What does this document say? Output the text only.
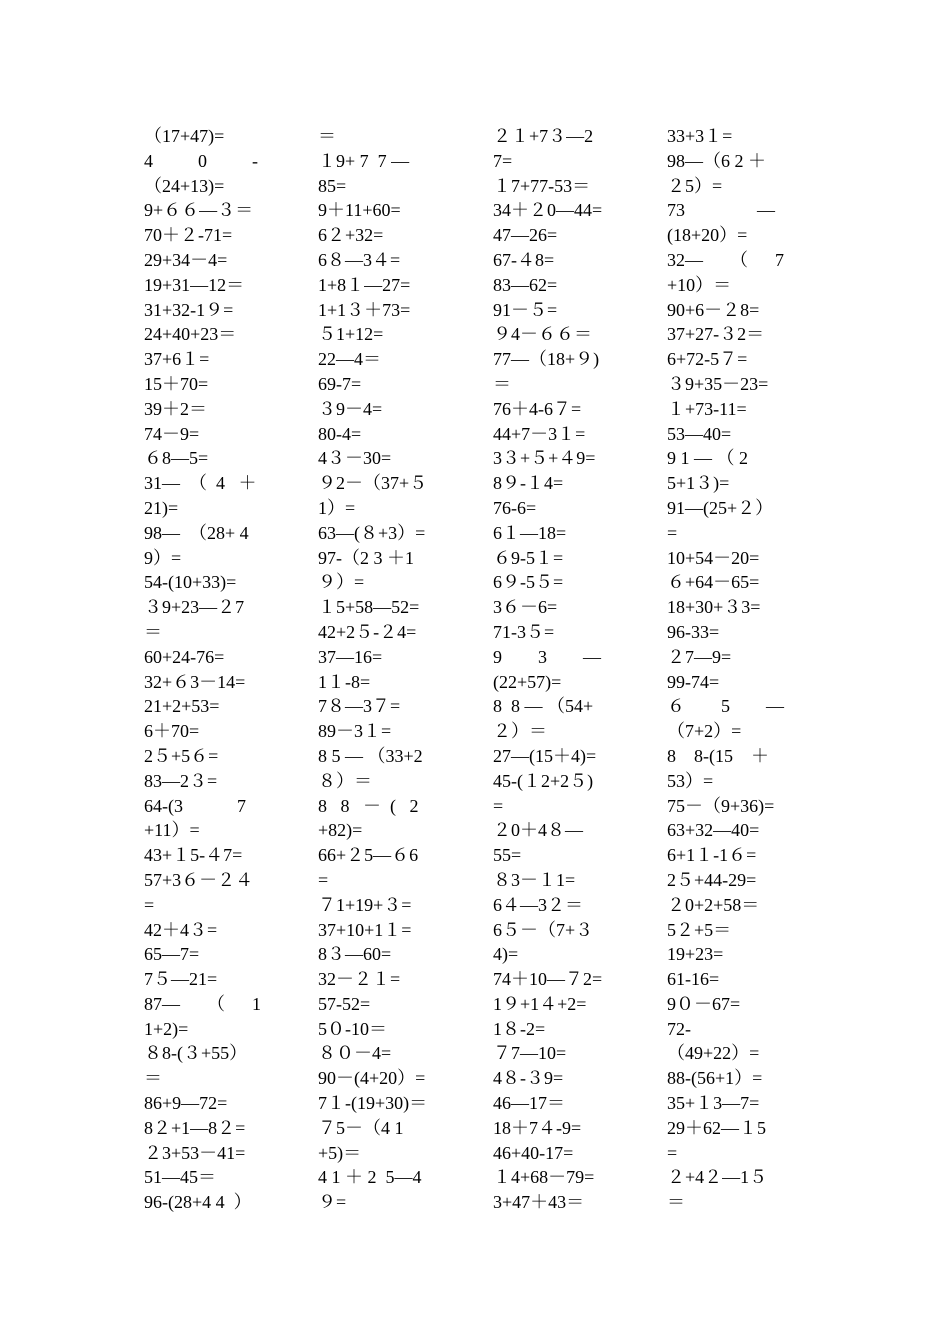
（17+47)=
4          0          -
（24+13)=
9+６６—３＝
70＋２-71=
29+34－4=
19+31—12＝
31+32-1９=
24+40+23＝
37+6１=
15＋70=
39＋2＝
74－9=
６8—5=
31—  （  4   ＋
21)=
98—  （28+ 4
9）=
54-(10+33)=
３9+23—２7
＝
60+24-76=
32+６3－14=
21+2+53=
6＋70=
2５+5６=
83—2３=
64-(3            7
+11）=
43+１5-４7=
57+3６－２４
=
42＋4３=
65—7=
7５—21=
87—      （      1
1+2)=
８8-(３+55）
＝
86+9—72=
8２+1—8２=
２3+53－41=
51—45＝
96-(28+4 4  ）
＝
１9+ 7  7 —
85=
9＋11+60=
6２+32=
6８—3４=
1+8１—27=
1+1３＋73=
５1+12=
22—4＝
69-7=
３9－4=
80-4=
4３－30=
９2－（37+５
1）=
63—(８+3）=
97-（2 3 ＋1
９）=
１5+58—52=
42+2５-２4=
37—16=
1１-8=
7８—3７=
89－3１=
8 5 — （33+2
８）＝
8   8   －  (   2
+82)=
66+２5—６6
=
７1+19+３=
37+10+1１=
8３—60=
32－２１=
57-52=
5０-10＝
８０－4=
90－(4+20）=
7１-(19+30)＝
７5－（4 1
+5)＝
4 1 ＋ 2  5—4
９=
２１+7３—2
7=
１7+77-53＝
34＋２0—44=
47—26=
67-４8=
83—62=
91－５=
９4－６６＝
77—（18+９)
＝
76＋4-6７=
44+7－3１=
3３+５+４9=
8９-１4=
76-6=
6１—18=
６9-5１=
6９-5５=
3６－6=
71-3５=
9        3        —
(22+57)=
8  8 — （54+
２）＝
27—(15＋4)=
45-(１2+2５)
=
２0＋4８—
55=
８3－１1=
6４—3２＝
6５－（7+３
4)=
74＋10—７2=
1９+1４+2=
1８-2=
７7—10=
4８-３9=
46—17＝
18＋7４-9=
46+40-17=
１4+68－79=
3+47＋43＝
33+3１=
98—（6 2 ＋
２5）=
73                —
(18+20）=
32—      （      7
+10）＝
90+6－２8=
37+27-３2＝
6+72-5７=
３9+35－23=
１+73-11=
53—40=
9 1 — （ 2
5+1３)=
91—(25+２）
=
10+54－20=
６+64－65=
18+30+３3=
96-33=
２7—9=
99-74=
６        5        —
（7+2）=
8    8-(15    ＋
53）=
75－（9+36)=
63+32—40=
6+1１-1６=
2５+44-29=
２0+2+58＝
5２+5＝
19+23=
61-16=
9０－67=
72-
（49+22）=
88-(56+1）=
35+１3—7=
29＋62—１5
=
２+4２—1５
＝
